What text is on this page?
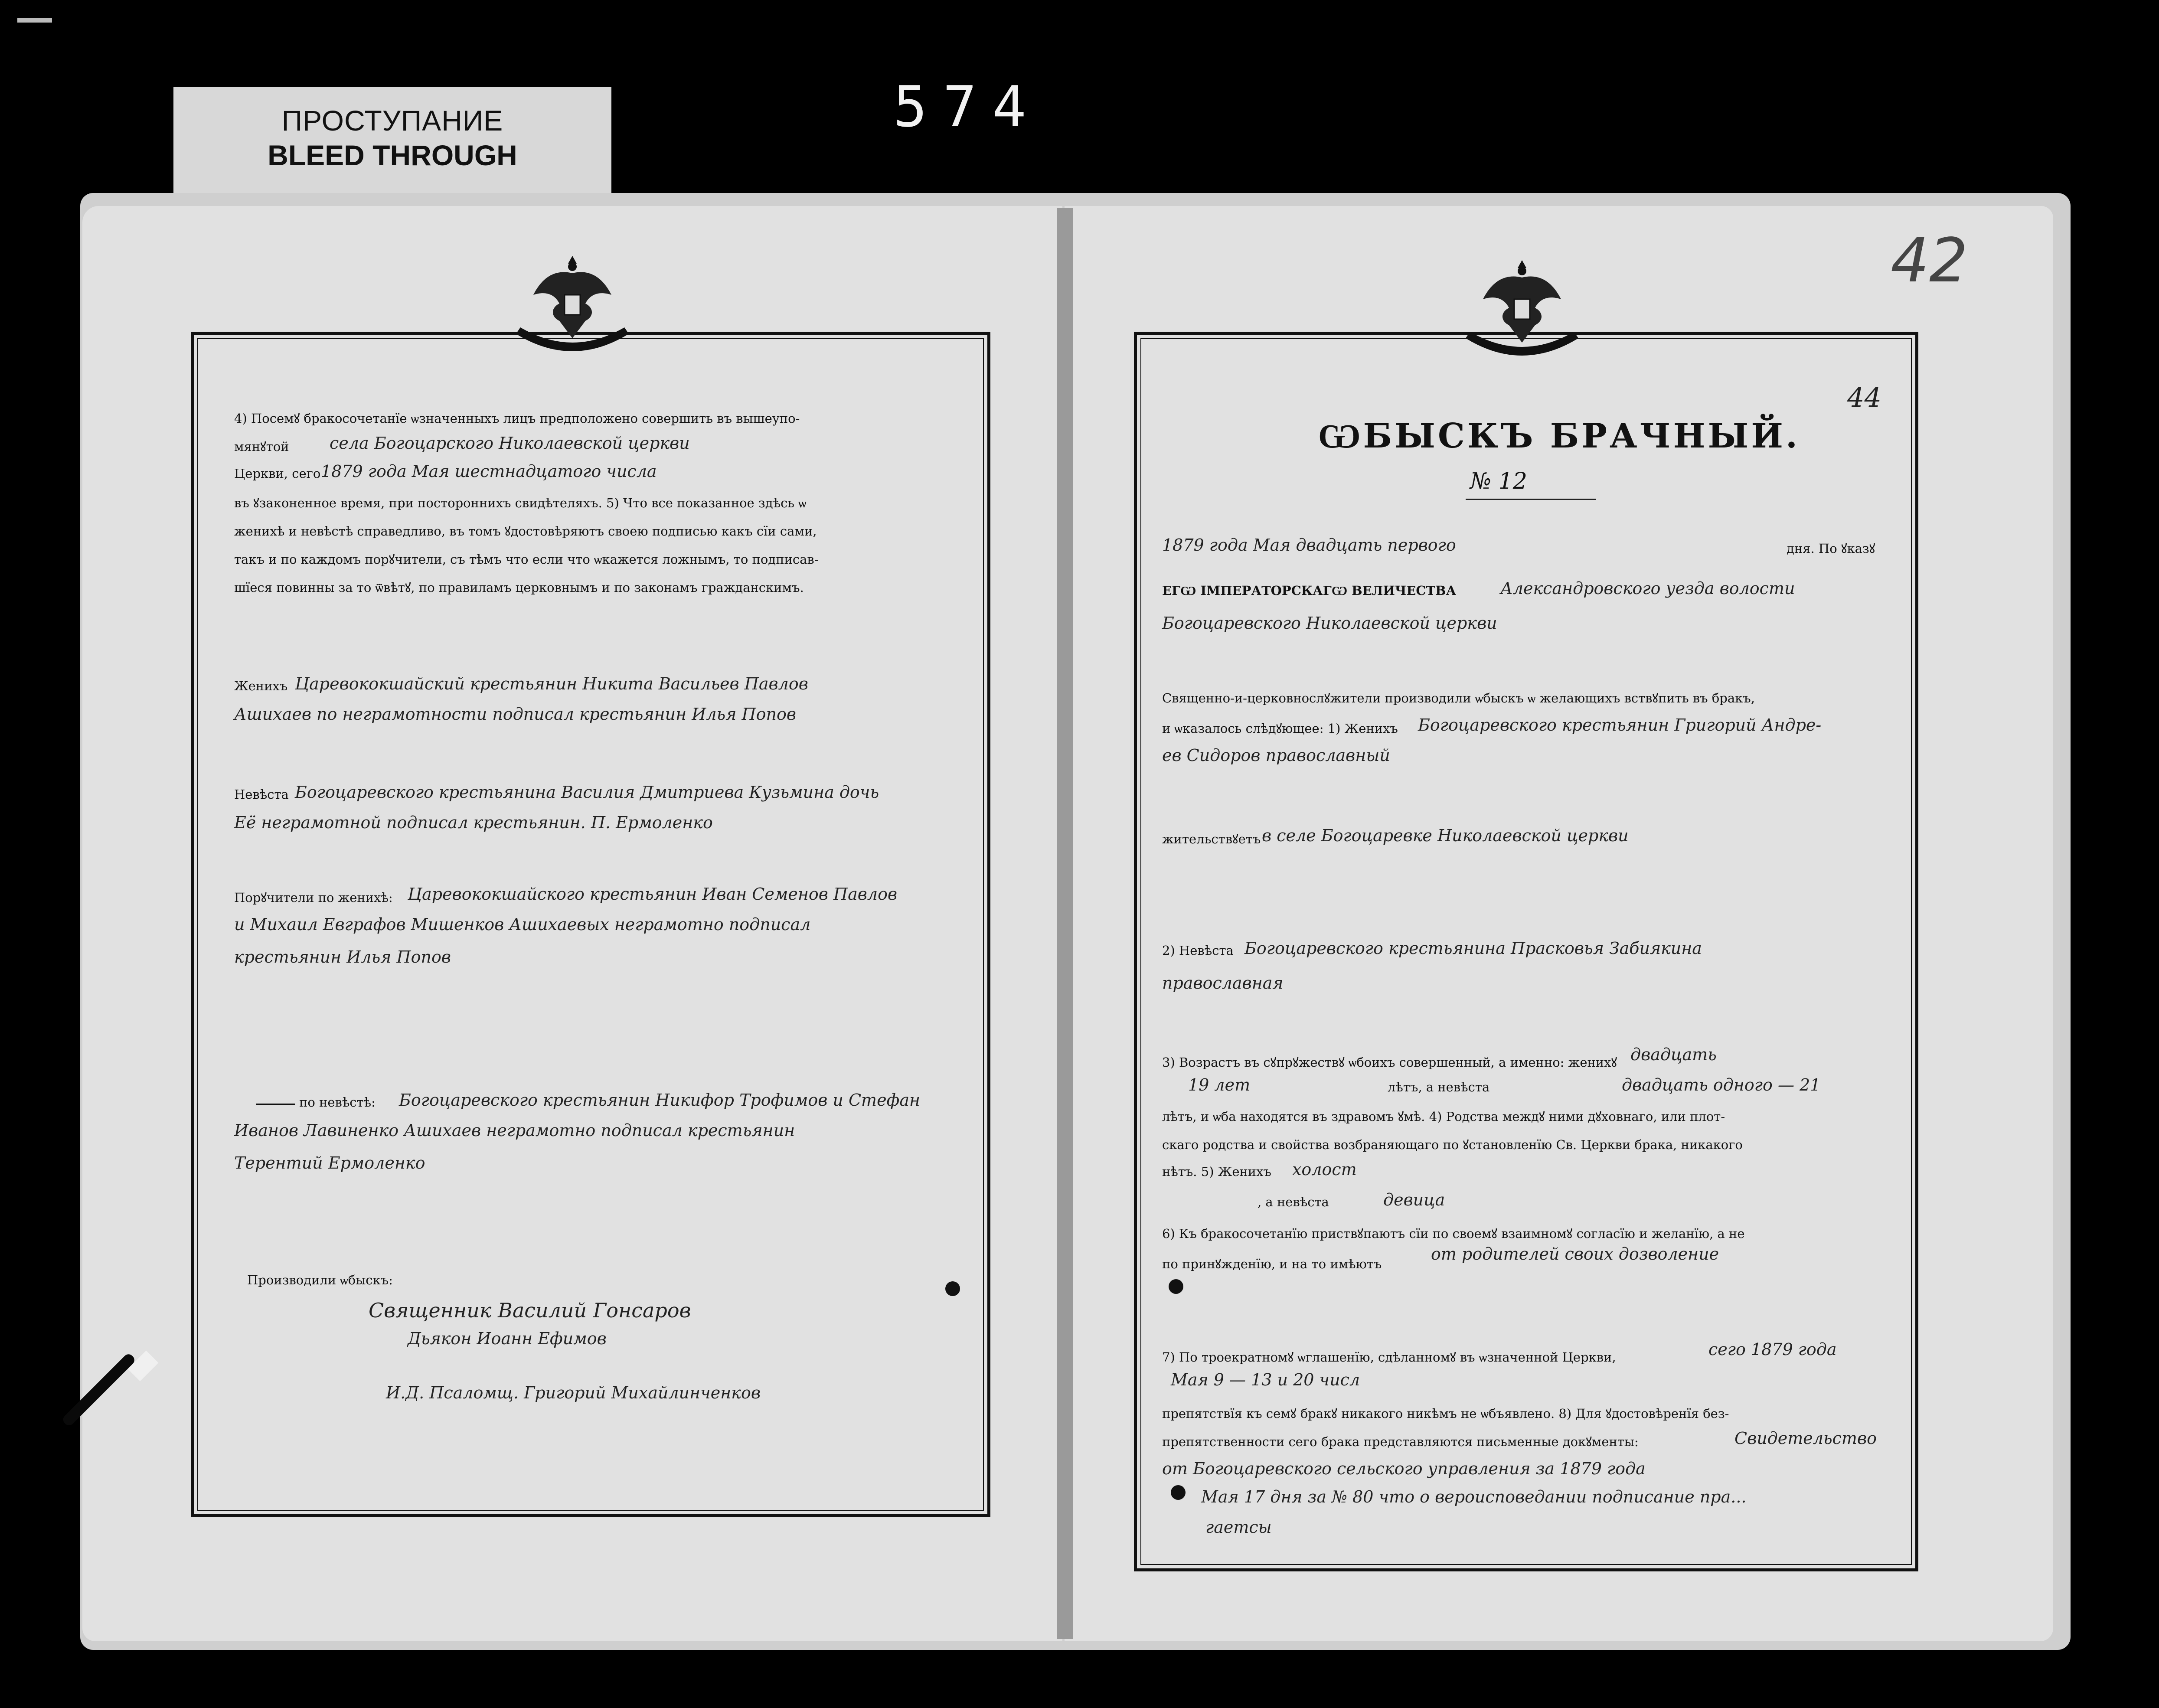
ПРОСТУПАНИЕ
BLEED THROUGH
574
42
4) Посемꙋ бракосочетанїе ѡзначенныхъ лицъ предположено совершить въ вышеупо-
мянꙋтой села Богоцарского Николаевской церкви
Церкви, сего 1879 года Мая шестнадцатого числа
въ ꙋзаконенное время, при постороннихъ свидѣтеляхъ. 5) Что все показанное здѣсь ѡ
женихѣ и невѣстѣ справедливо, въ томъ ꙋдостовѣряютъ своею подписью какъ сїи сами,
такъ и по каждомъ порꙋчители, съ тѣмъ что если что ѡкажется ложнымъ, то подписав-
шїеся повинны за то ѿвѣтꙋ, по правиламъ церковнымъ и по законамъ гражданскимъ.
Женихъ Царевококшайский крестьянин Никита Васильев Павлов
Ашихаев по неграмотности подписал крестьянин Илья Попов
Невѣста Богоцаревского крестьянина Василия Дмитриева Кузьмина дочь
Её неграмотной подписал крестьянин. П. Ермоленко
Порꙋчители по женихѣ: Царевококшайского крестьянин Иван Семенов Павлов
и Михаил Евграфов Мишенков Ашихаевых неграмотно подписал
крестьянин Илья Попов
по невѣстѣ: Богоцаревского крестьянин Никифор Трофимов и Стефан
Иванов Лавиненко Ашихаев неграмотно подписал крестьянин
Терентий Ермоленко
Производили ѡбыскъ:
Священник Василий Гонсаров
Дьякон Иоанн Ефимов
И.Д. Псаломщ. Григорий Михайлинченков
44
ѠБЫСКЪ БРАЧНЫЙ.
№ 12
1879 года Мая двадцать первого	дня. По ꙋказꙋ
ЕГѠ ІМПЕРАТОРСКАГѠ ВЕЛИЧЕСТВА	Александровского уезда волости
Богоцаревского Николаевской церкви
Священно-и-церковнослꙋжители производили ѡбыскъ ѡ желающихъ вствꙋпить въ бракъ,
и ѡказалось слѣдꙋющее: 1) Женихъ Богоцаревского крестьянин Григорий Андре-
ев Сидоров православный
жительствꙋетъ в селе Богоцаревке Николаевской церкви
2) Невѣста Богоцаревского крестьянина Прасковья Забиякина
православная
3) Возрастъ въ сꙋпрꙋжествꙋ ѡбоихъ совершенный, а именно: женихꙋ двадцать
19 лет	лѣтъ, а невѣста	двадцать одного — 21
лѣтъ, и ѡба находятся въ здравомъ ꙋмѣ. 4) Родства междꙋ ними дꙋховнаго, или плот-
скаго родства и свойства возбраняющаго по ꙋстановленїю Св. Церкви брака, никакого
нѣтъ. 5) Женихъ холост
, а невѣста	девица
6) Къ бракосочетанїю приствꙋпаютъ сїи по своемꙋ взаимномꙋ согласїю и желанїю, а не
по принꙋжденїю, и на то имѣютъ
от родителей своих дозволение
7) По троекратномꙋ ѡглашенїю, сдѣланномꙋ въ ѡзначенной Церкви,	сего 1879 года
Мая 9 — 13 и 20 числ
препятствїя къ семꙋ бракꙋ никакого никѣмъ не ѡбъявлено. 8) Для ꙋдостовѣренїя без-
препятственности сего брака представляются письменные докꙋменты:	Свидетельство
от Богоцаревского сельского управления за 1879 года
Мая 17 дня за № 80 что о вероисповедании подписание пра...
гаетсы
